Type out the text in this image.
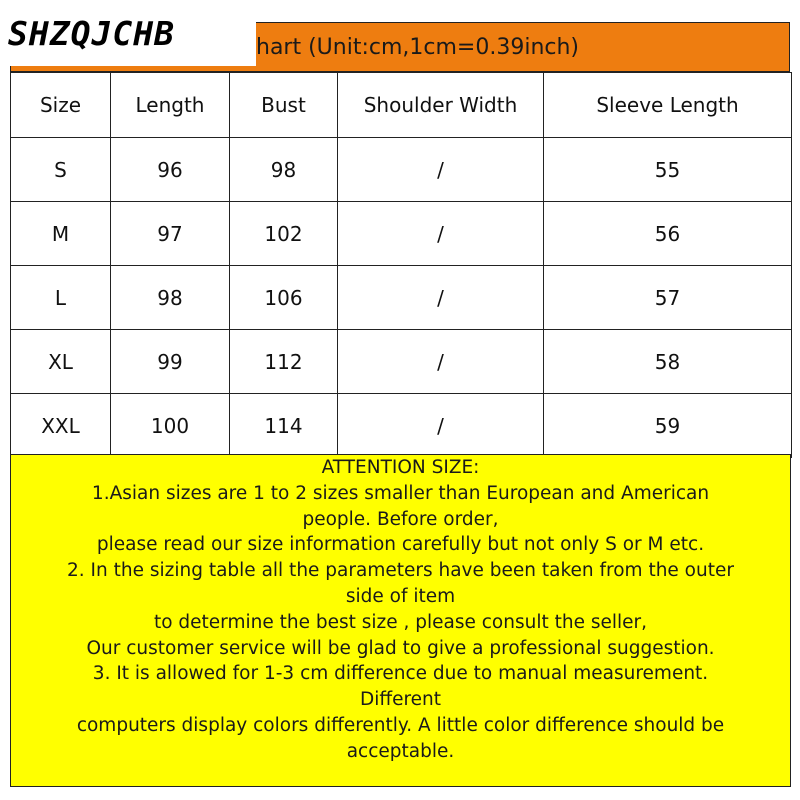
hart (Unit:cm,1cm=0.39inch)
Size	Length	Bust	Shoulder Width	Sleeve Length
S	96	98	/	55
M	97	102	/	56
L	98	106	/	57
XL	99	112	/	58
XXL	100	114	/	59
ATTENTION SIZE:
1.Asian sizes are 1 to 2 sizes smaller than European and American
people. Before order,
please read our size information carefully but not only S or M etc.
2. In the sizing table all the parameters have been taken from the outer
side of item
to determine the best size , please consult the seller,
Our customer service will be glad to give a professional suggestion.
3. It is allowed for 1-3 cm difference due to manual measurement.
Different
computers display colors differently. A little color difference should be
acceptable.
SHZQJCHB
